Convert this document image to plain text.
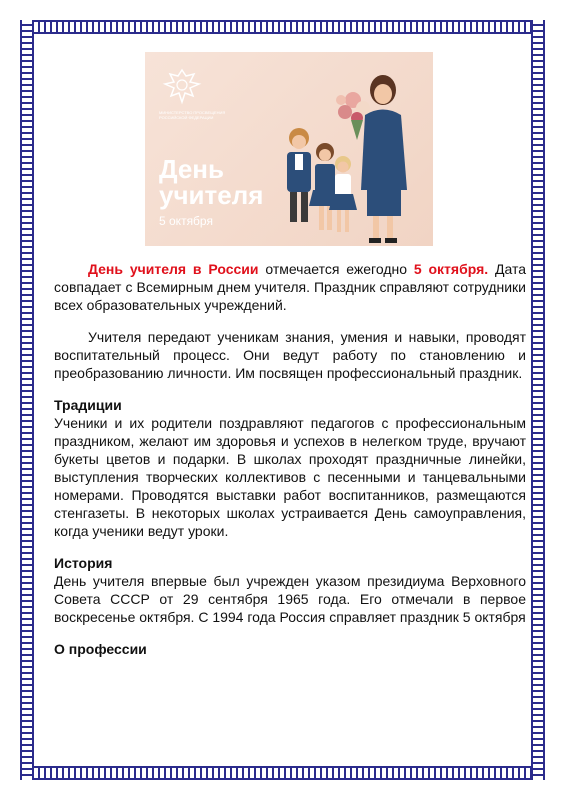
МИНИСТЕРСТВО ПРОСВЕЩЕНИЯ РОССИЙСКОЙ ФЕДЕРАЦИИ
День
учителя
5 октября

День учителя в России отмечается ежегодно 5 октября. Дата совпадает с Всемирным днем учителя. Праздник справляют сотрудники всех образовательных учреждений.

Учителя передают ученикам знания, умения и навыки, проводят воспитательный процесс. Они ведут работу по становлению и преобразованию личности. Им посвящен профессиональный праздник.

Традиции

Ученики и их родители поздравляют педагогов с профессиональным праздником, желают им здоровья и успехов в нелегком труде, вручают букеты цветов и подарки. В школах проходят праздничные линейки, выступления творческих коллективов с песенными и танцевальными номерами. Проводятся выставки работ воспитанников, размещаются стенгазеты. В некоторых школах устраивается День самоуправления, когда ученики ведут уроки.

История

День учителя впервые был учрежден указом президиума Верховного Совета СССР от 29 сентября 1965 года. Его отмечали в первое воскресенье октября. С 1994 года Россия справляет праздник 5 октября

О профессии
